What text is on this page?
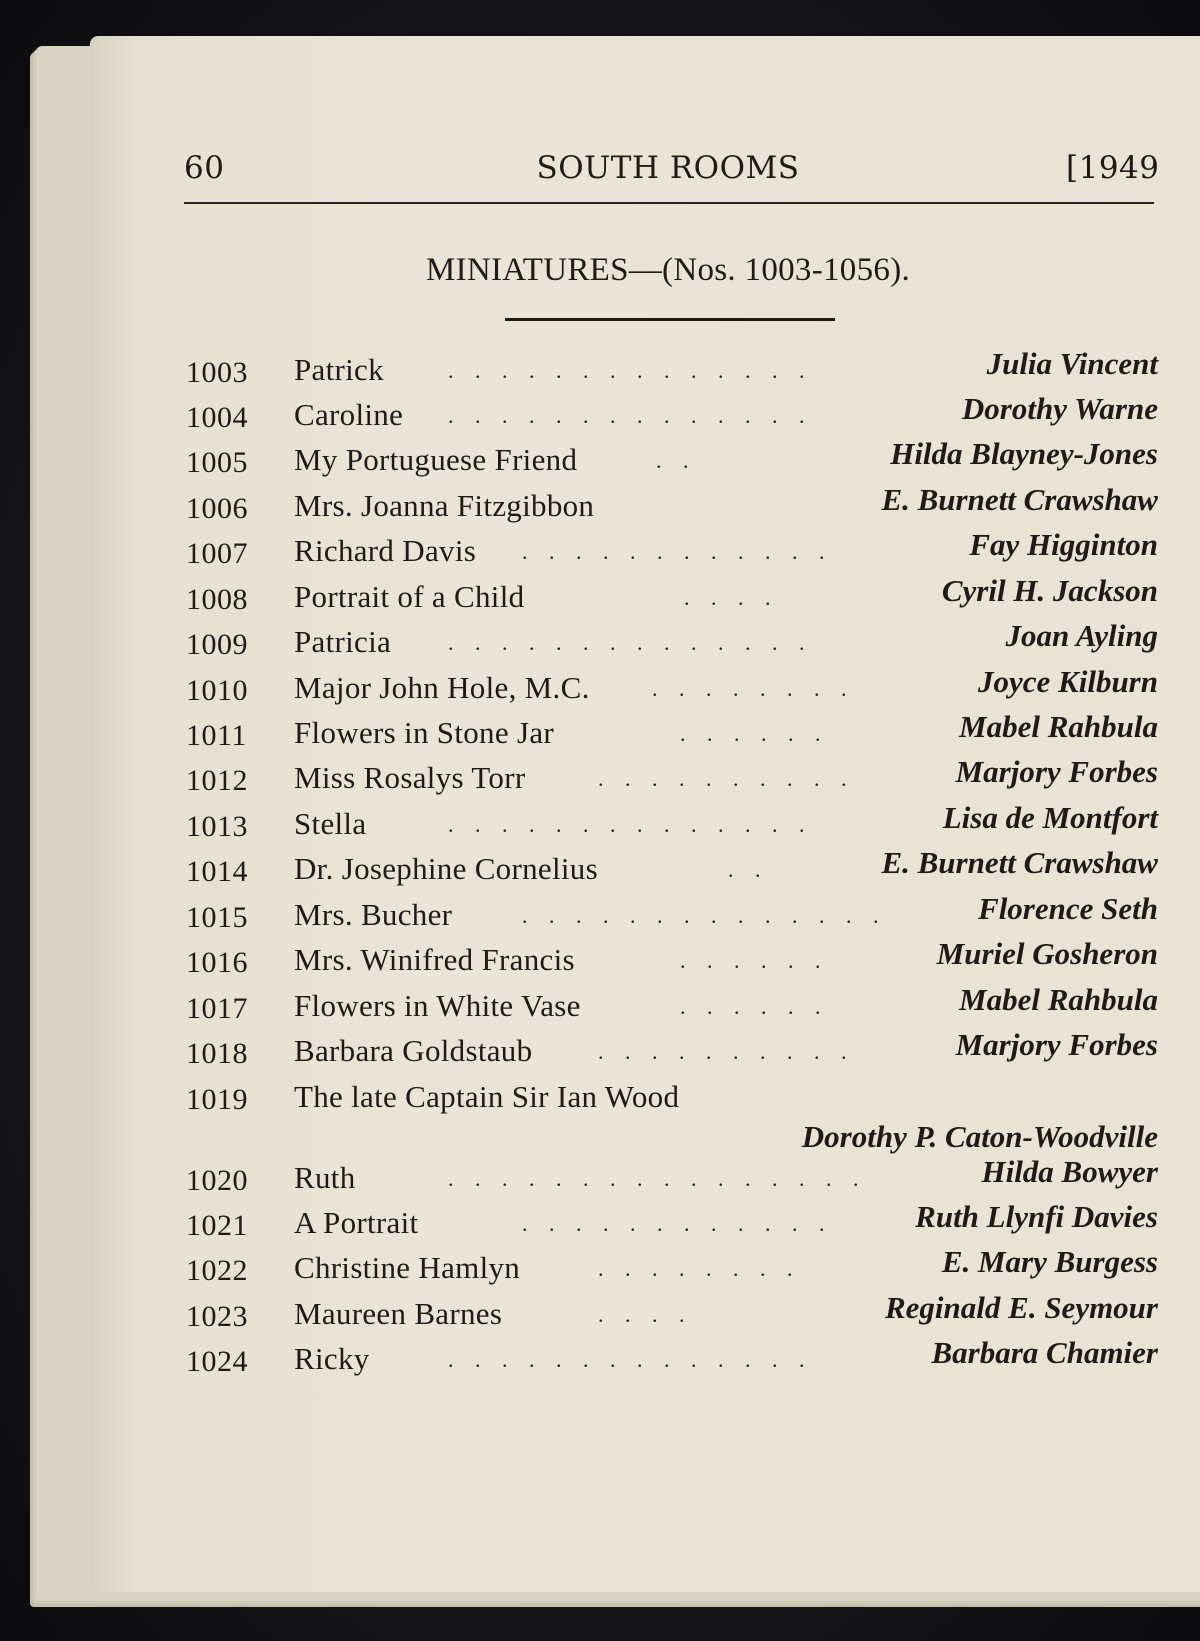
60	SOUTH ROOMS	[1949
MINIATURES—(Nos. 1003-1056).
1003 Patrick	. . . . . . . . . . . . . .	Julia Vincent
1004 Caroline . . . . . . . . . . . . . .	Dorothy Warne
1005 My Portuguese Friend	. .	Hilda Blayney-Jones
1006 Mrs. Joanna Fitzgibbon	E. Burnett Crawshaw
1007 Richard Davis . . . . . . . . . . . .	Fay Higginton
1008 Portrait of a Child	. . . .	Cyril H. Jackson
1009 Patricia	. . . . . . . . . . . . . .	Joan Ayling
1010 Major John Hole, M.C.	. . . . . . . .	Joyce Kilburn
1011 Flowers in Stone Jar	. . . . . .	Mabel Rahbula
1012 Miss Rosalys Torr	. . . . . . . . . .	Marjory Forbes
1013 Stella	. . . . . . . . . . . . . .	Lisa de Montfort
1014 Dr. Josephine Cornelius	. .	E. Burnett Crawshaw
1015 Mrs. Bucher	. . . . . . . . . . . . . .	Florence Seth
1016 Mrs. Winifred Francis	. . . . . .	Muriel Gosheron
1017 Flowers in White Vase	. . . . . .	Mabel Rahbula
1018 Barbara Goldstaub	. . . . . . . . . .	Marjory Forbes
1019 The late Captain Sir Ian Wood
Dorothy P. Caton-Woodville
1020 Ruth	. . . . . . . . . . . . . . . .	Hilda Bowyer
1021 A Portrait	. . . . . . . . . . . .	Ruth Llynfi Davies
1022 Christine Hamlyn	. . . . . . . .	E. Mary Burgess
1023 Maureen Barnes	. . . .	Reginald E. Seymour
1024 Ricky	. . . . . . . . . . . . . .	Barbara Chamier
